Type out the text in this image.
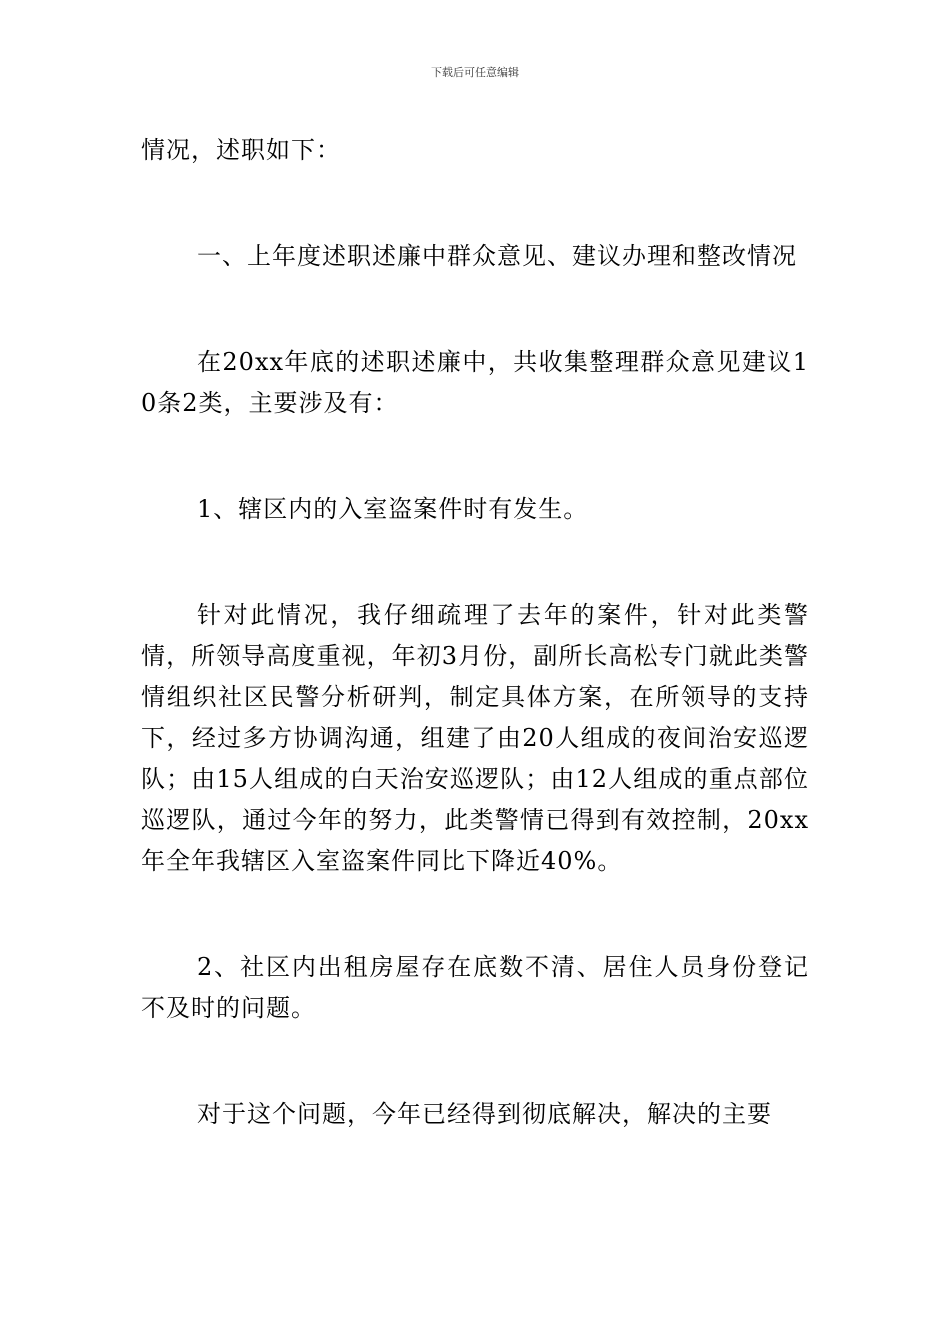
下载后可任意编辑

情况，述职如下：

一、上年度述职述廉中群众意见、建议办理和整改情况

在20xx年底的述职述廉中，共收集整理群众意见建议10条2类，主要涉及有：

1、辖区内的入室盗案件时有发生。

针对此情况，我仔细疏理了去年的案件，针对此类警情，所领导高度重视，年初3月份，副所长高松专门就此类警情组织社区民警分析研判，制定具体方案，在所领导的支持下，经过多方协调沟通，组建了由20人组成的夜间治安巡逻队；由15人组成的白天治安巡逻队；由12人组成的重点部位巡逻队，通过今年的努力，此类警情已得到有效控制，20xx年全年我辖区入室盗案件同比下降近40%。

2、社区内出租房屋存在底数不清、居住人员身份登记不及时的问题。

对于这个问题，今年已经得到彻底解决，解决的主要
